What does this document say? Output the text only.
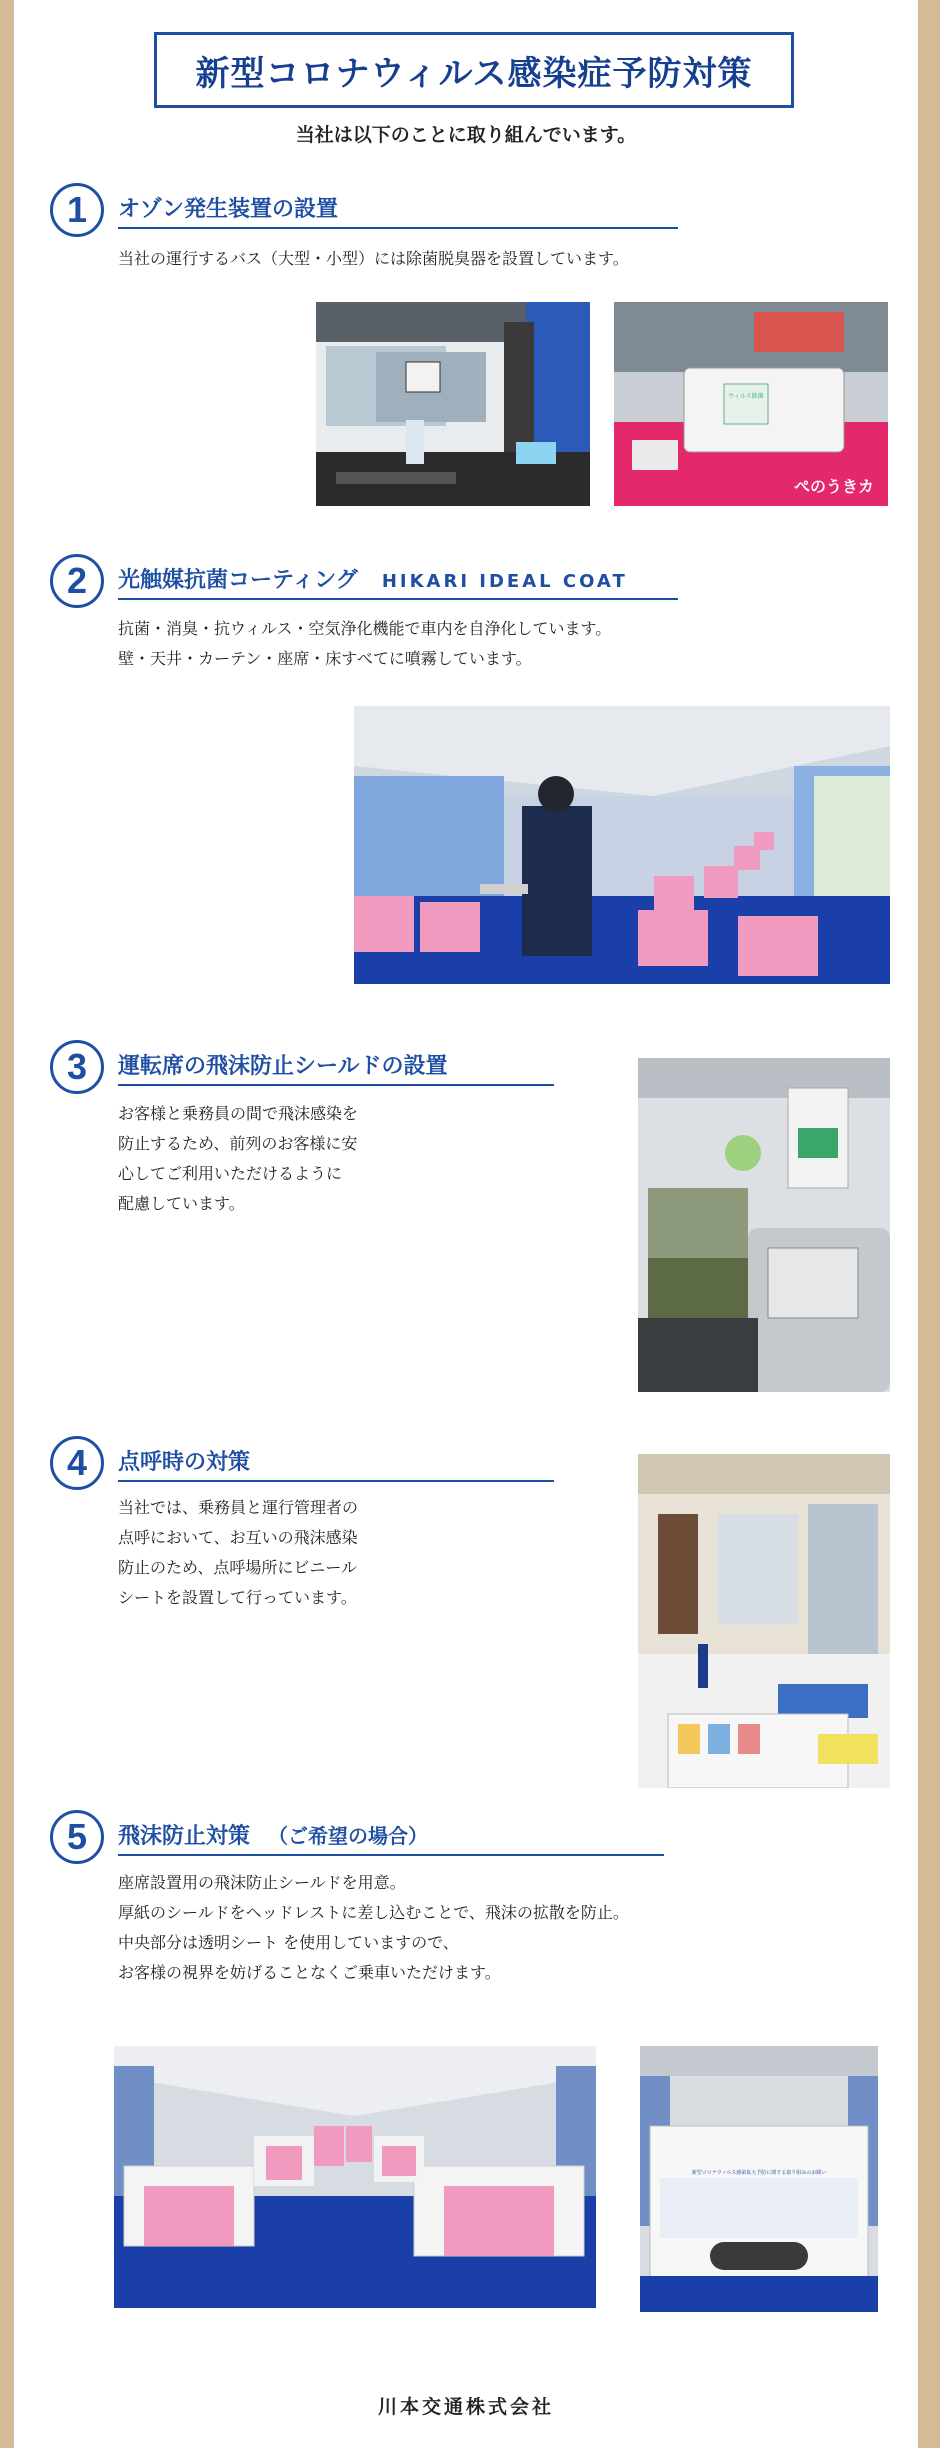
新型コロナウィルス感染症予防対策
当社は以下のことに取り組んでいます。
1	オゾン発生装置の設置
当社の運行するバス（大型・小型）には除菌脱臭器を設置しています。
ウィルス除菌
ぺのうきカ
2	光触媒抗菌コーティング HIKARI IDEAL COAT
抗菌・消臭・抗ウィルス・空気浄化機能で車内を自浄化しています。
壁・天井・カーテン・座席・床すべてに噴霧しています。
3	運転席の飛沫防止シールドの設置
お客様と乗務員の間で飛沫感染を
防止するため、前列のお客様に安
心してご利用いただけるように
配慮しています。
4	点呼時の対策
当社では、乗務員と運行管理者の
点呼において、お互いの飛沫感染
防止のため、点呼場所にビニール
シートを設置して行っています。
5	飛沫防止対策 （ご希望の場合）
座席設置用の飛沫防止シールドを用意。
厚紙のシールドをヘッドレストに差し込むことで、飛沫の拡散を防止。
中央部分は透明シート を使用していますので、
お客様の視界を妨げることなくご乗車いただけます。
新型コロナウィルス感染拡大予防に関する取り組みのお願い
川本交通株式会社
